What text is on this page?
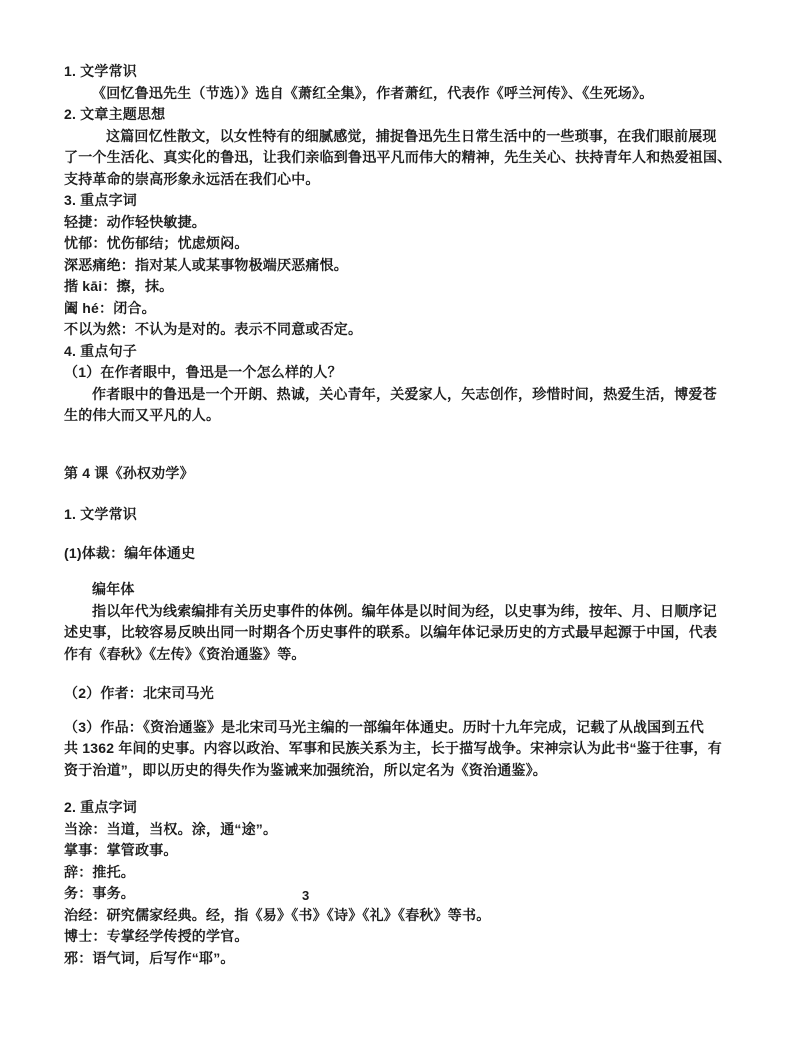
1. 文学常识
《回忆鲁迅先生（节选）》选自《萧红全集》，作者萧红，代表作《呼兰河传》、《生死场》。
2. 文章主题思想
这篇回忆性散文，以女性特有的细腻感觉，捕捉鲁迅先生日常生活中的一些琐事，在我们眼前展现
了一个生活化、真实化的鲁迅，让我们亲临到鲁迅平凡而伟大的精神，先生关心、扶持青年人和热爱祖国、
支持革命的崇高形象永远活在我们心中。
3. 重点字词
轻捷：动作轻快敏捷。
忧郁：忧伤郁结；忧虑烦闷。
深恶痛绝：指对某人或某事物极端厌恶痛恨。
揩 kāi：擦，抹。
阖 hé：闭合。
不以为然：不认为是对的。表示不同意或否定。
4. 重点句子
（1）在作者眼中，鲁迅是一个怎么样的人？
作者眼中的鲁迅是一个开朗、热诚，关心青年，关爱家人，矢志创作，珍惜时间，热爱生活，博爱苍
生的伟大而又平凡的人。
第 4 课《孙权劝学》
1. 文学常识
(1)体裁：编年体通史
编年体
指以年代为线索编排有关历史事件的体例。编年体是以时间为经，以史事为纬，按年、月、日顺序记
述史事，比较容易反映出同一时期各个历史事件的联系。以编年体记录历史的方式最早起源于中国，代表
作有《春秋》《左传》《资治通鉴》等。
（2）作者：北宋司马光
（3）作品：《资治通鉴》是北宋司马光主编的一部编年体通史。历时十九年完成，记载了从战国到五代
共 1362 年间的史事。内容以政治、军事和民族关系为主，长于描写战争。宋神宗认为此书“鉴于往事，有
资于治道”，即以历史的得失作为鉴诫来加强统治，所以定名为《资治通鉴》。
2. 重点字词
当涂：当道，当权。涂，通“途”。
掌事：掌管政事。
辞：推托。
务：事务。
治经：研究儒家经典。经，指《易》《书》《诗》《礼》《春秋》等书。
博士：专掌经学传授的学官。
邪：语气词，后写作“耶”。
3
